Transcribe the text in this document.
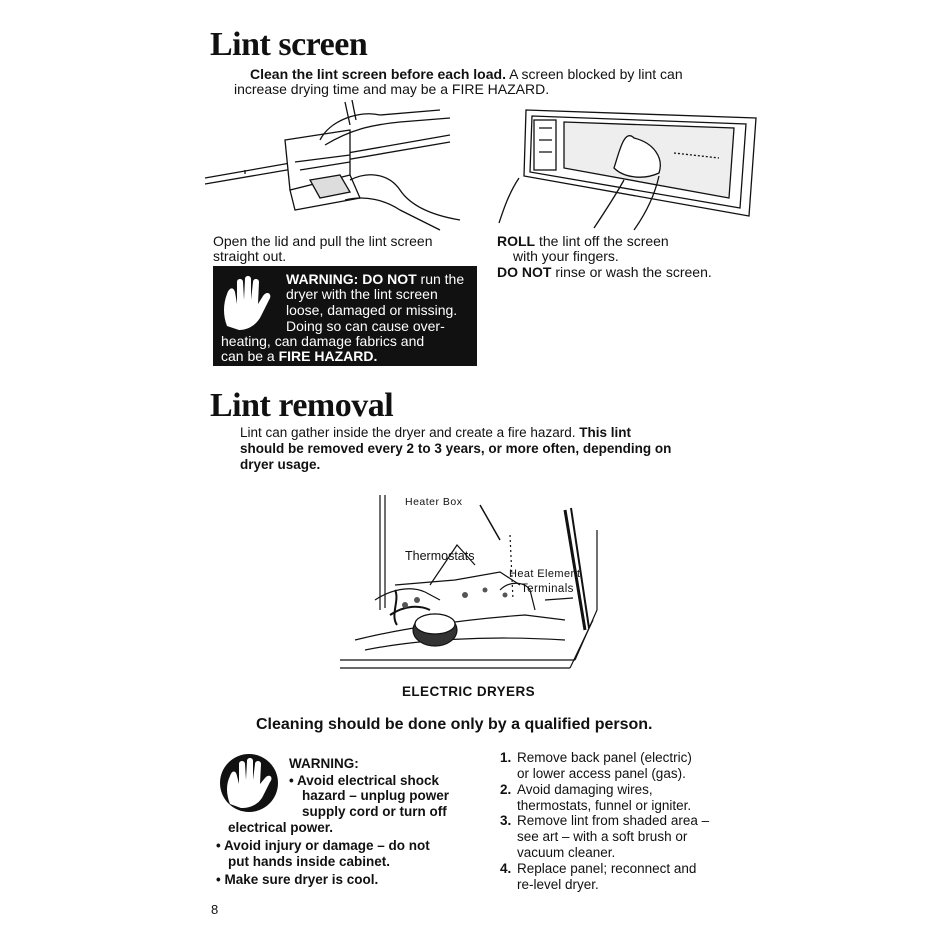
Lint screen
Clean the lint screen before each load. A screen blocked by lint can
increase drying time and may be a FIRE HAZARD.
Open the lid and pull the lint screen
straight out.
ROLL the lint off the screen
with your fingers.
DO NOT rinse or wash the screen.
WARNING: DO NOT run the
dryer with the lint screen
loose, damaged or missing.
Doing so can cause over-
heating, can damage fabrics and
can be a FIRE HAZARD.
Lint removal
Lint can gather inside the dryer and create a fire hazard. This lint
should be removed every 2 to 3 years, or more often, depending on
dryer usage.
Heater Box
Thermostats
Heat Element
Terminals
ELECTRIC DRYERS
Cleaning should be done only by a qualified person.
WARNING:
• Avoid electrical shock
hazard – unplug power
supply cord or turn off
electrical power.
• Avoid injury or damage – do not
put hands inside cabinet.
• Make sure dryer is cool.
1. Remove back panel (electric)
or lower access panel (gas).
2. Avoid damaging wires,
thermostats, funnel or igniter.
3. Remove lint from shaded area –
see art – with a soft brush or
vacuum cleaner.
4. Replace panel; reconnect and
re-level dryer.
8
